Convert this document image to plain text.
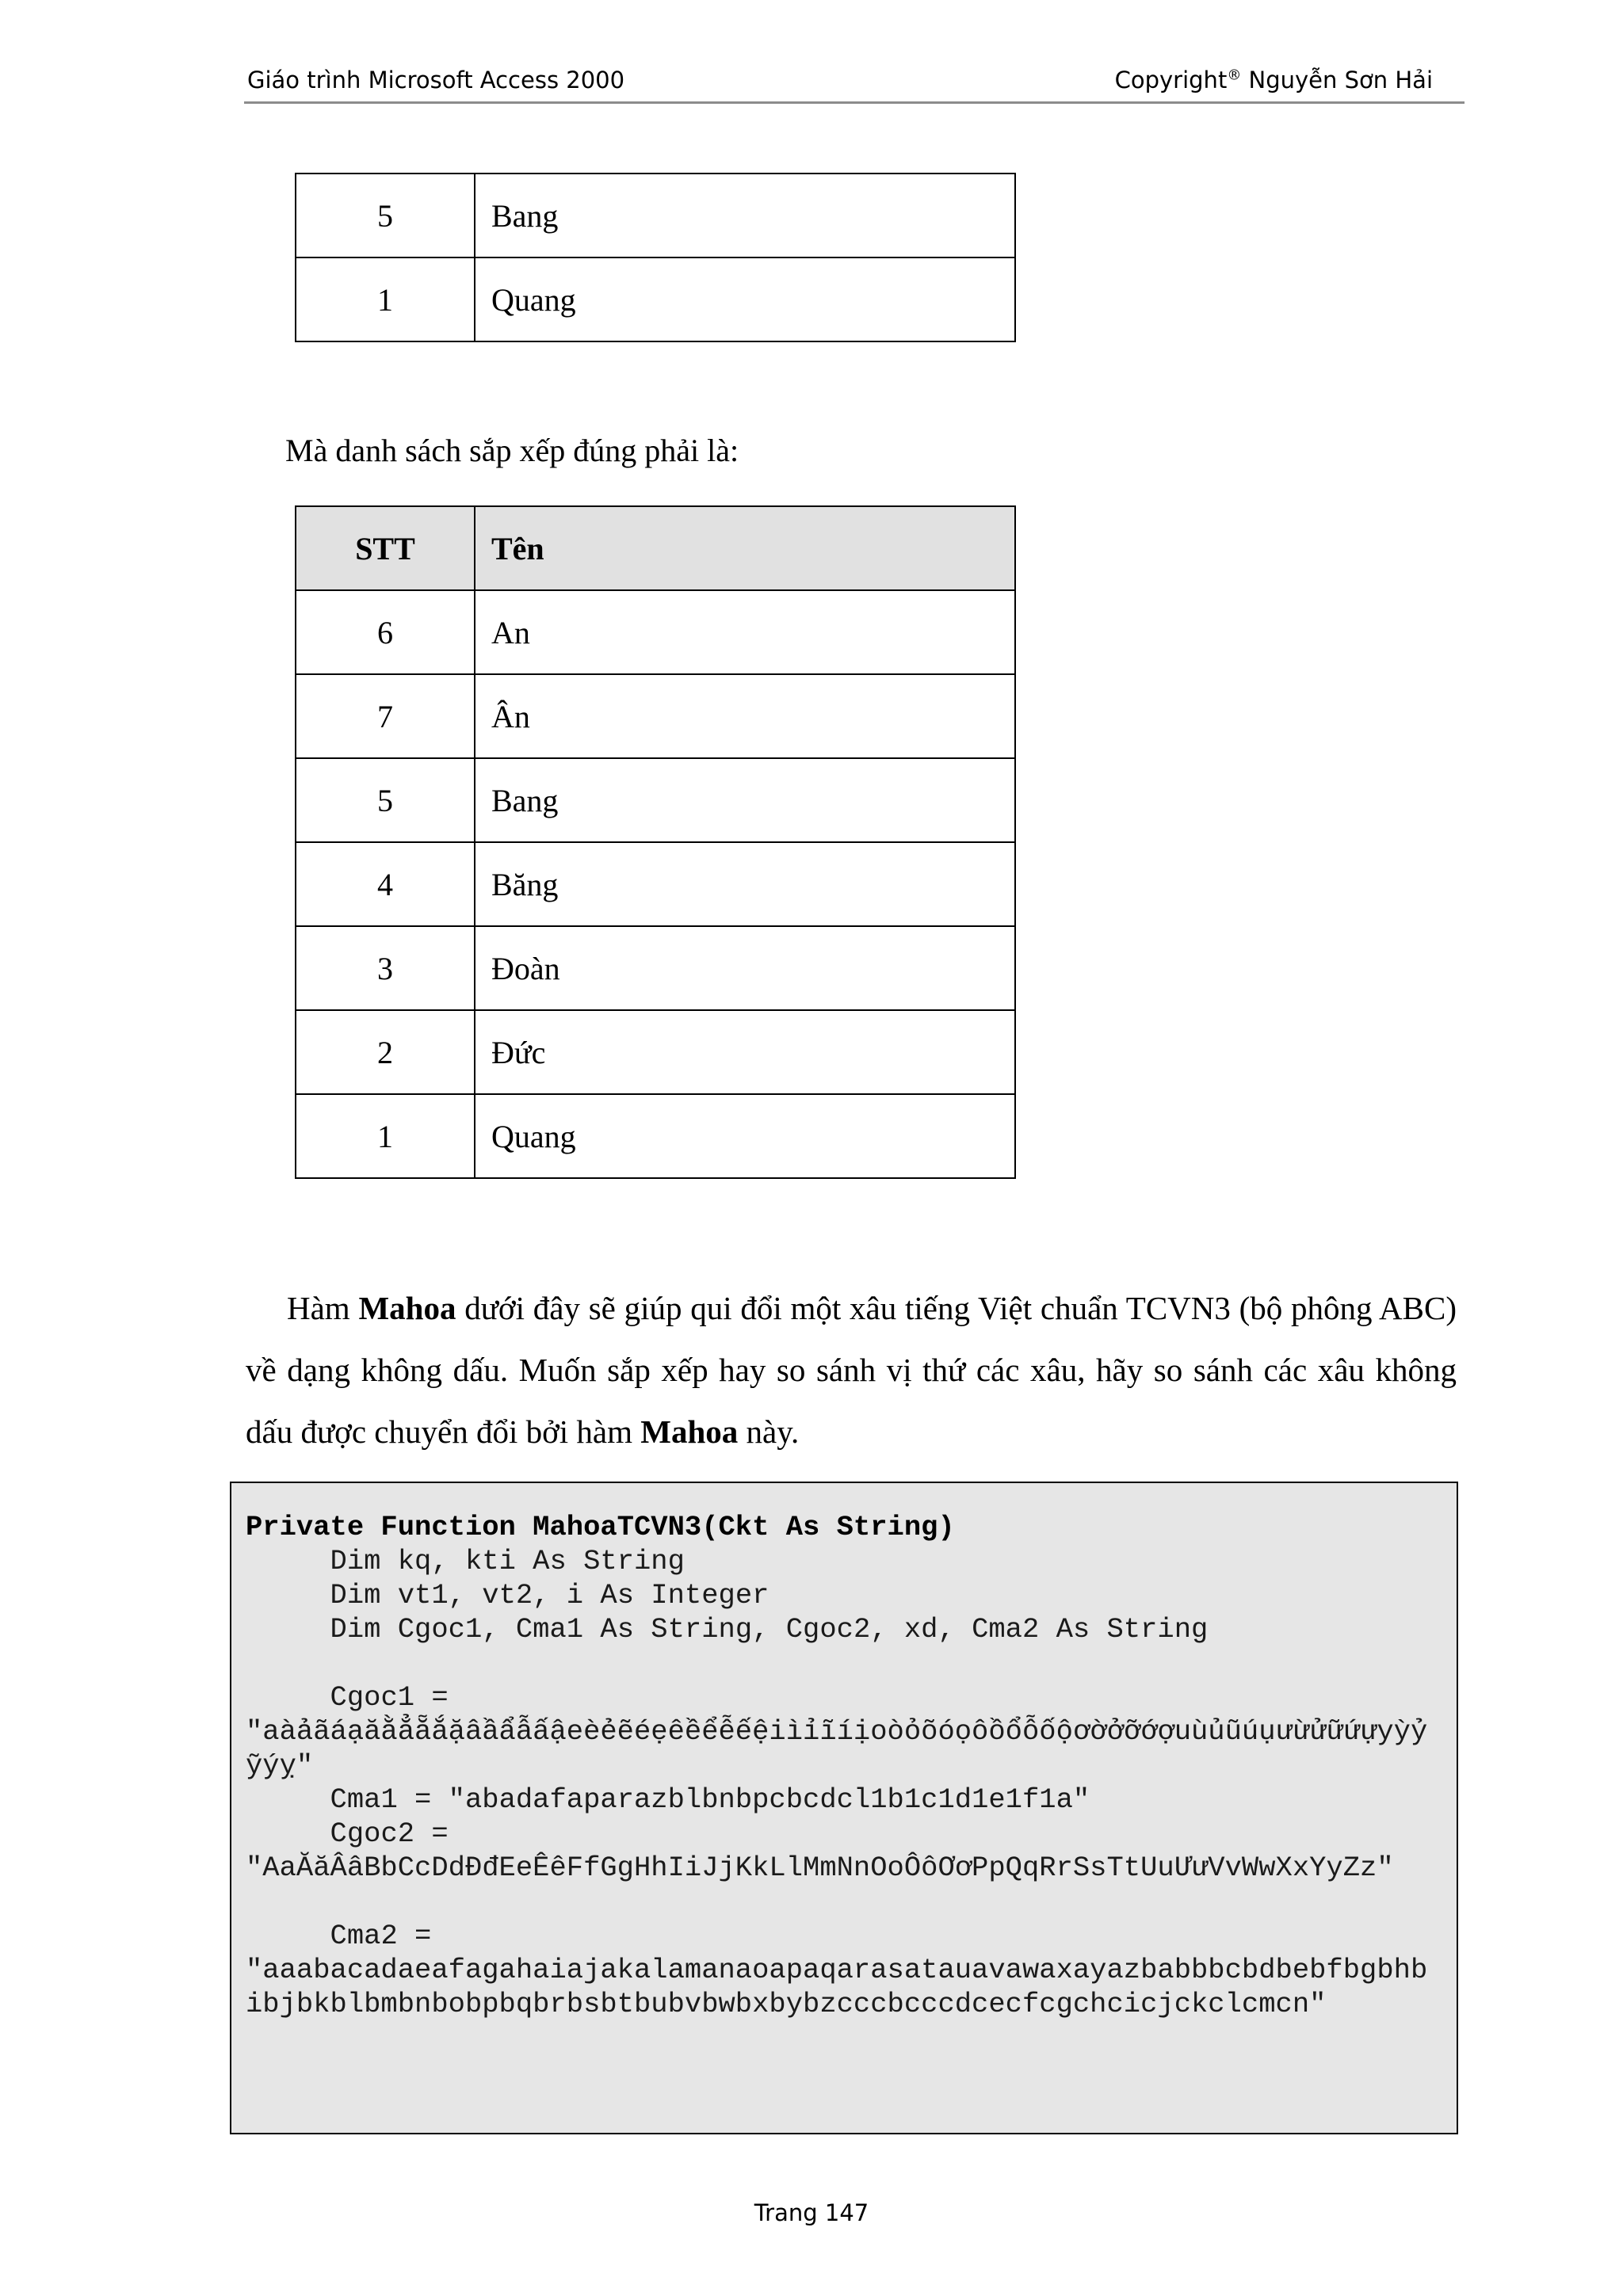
Giáo trình Microsoft Access 2000	Copyright® Nguyễn Sơn Hải
5	Bang
1	Quang
Mà danh sách sắp xếp đúng phải là:
STT	Tên
6	An
7	Ân
5	Bang
4	Băng
3	Đoàn
2	Đức
1	Quang
Hàm Mahoa dưới đây sẽ giúp qui đổi một xâu tiếng Việt chuẩn TCVN3 (bộ phông ABC) về dạng không dấu. Muốn sắp xếp hay so sánh vị thứ các xâu, hãy so sánh các xâu không dấu được chuyển đổi bởi hàm Mahoa này.
Private Function MahoaTCVN3(Ckt As String)
Dim kq, kti As String
Dim vt1, vt2, i As Integer
Dim Cgoc1, Cma1 As String, Cgoc2, xd, Cma2 As String

Cgoc1 =
"aàảãáạăằẳẵắặâầẩẫấậeèẻẽéẹêềểễếệiìỉĩíịoòỏõóọôồổỗốộơờởỡớợuùủũúụưừửữứựyỳỷỹýỵ"
Cma1 = "abadafaparazblbnbpcbcdcl1b1c1d1e1f1a"
Cgoc2 =
"AaĂăÂâBbCcDdĐđEeÊêFfGgHhIiJjKkLlMmNnOoÔôƠơPpQqRrSsTtUuƯưVvWwXxYyZz"

Cma2 =
"aaabacadaeafagahaiajakalamanaoapaqarasatauavawaxayazbabbbcbdbebfbgbhbibjbkblbmbnbobpbqbrbsbtbubvbwbxbybzcccbcccdcecfcgchcicjckclcmcn"
Trang 147
